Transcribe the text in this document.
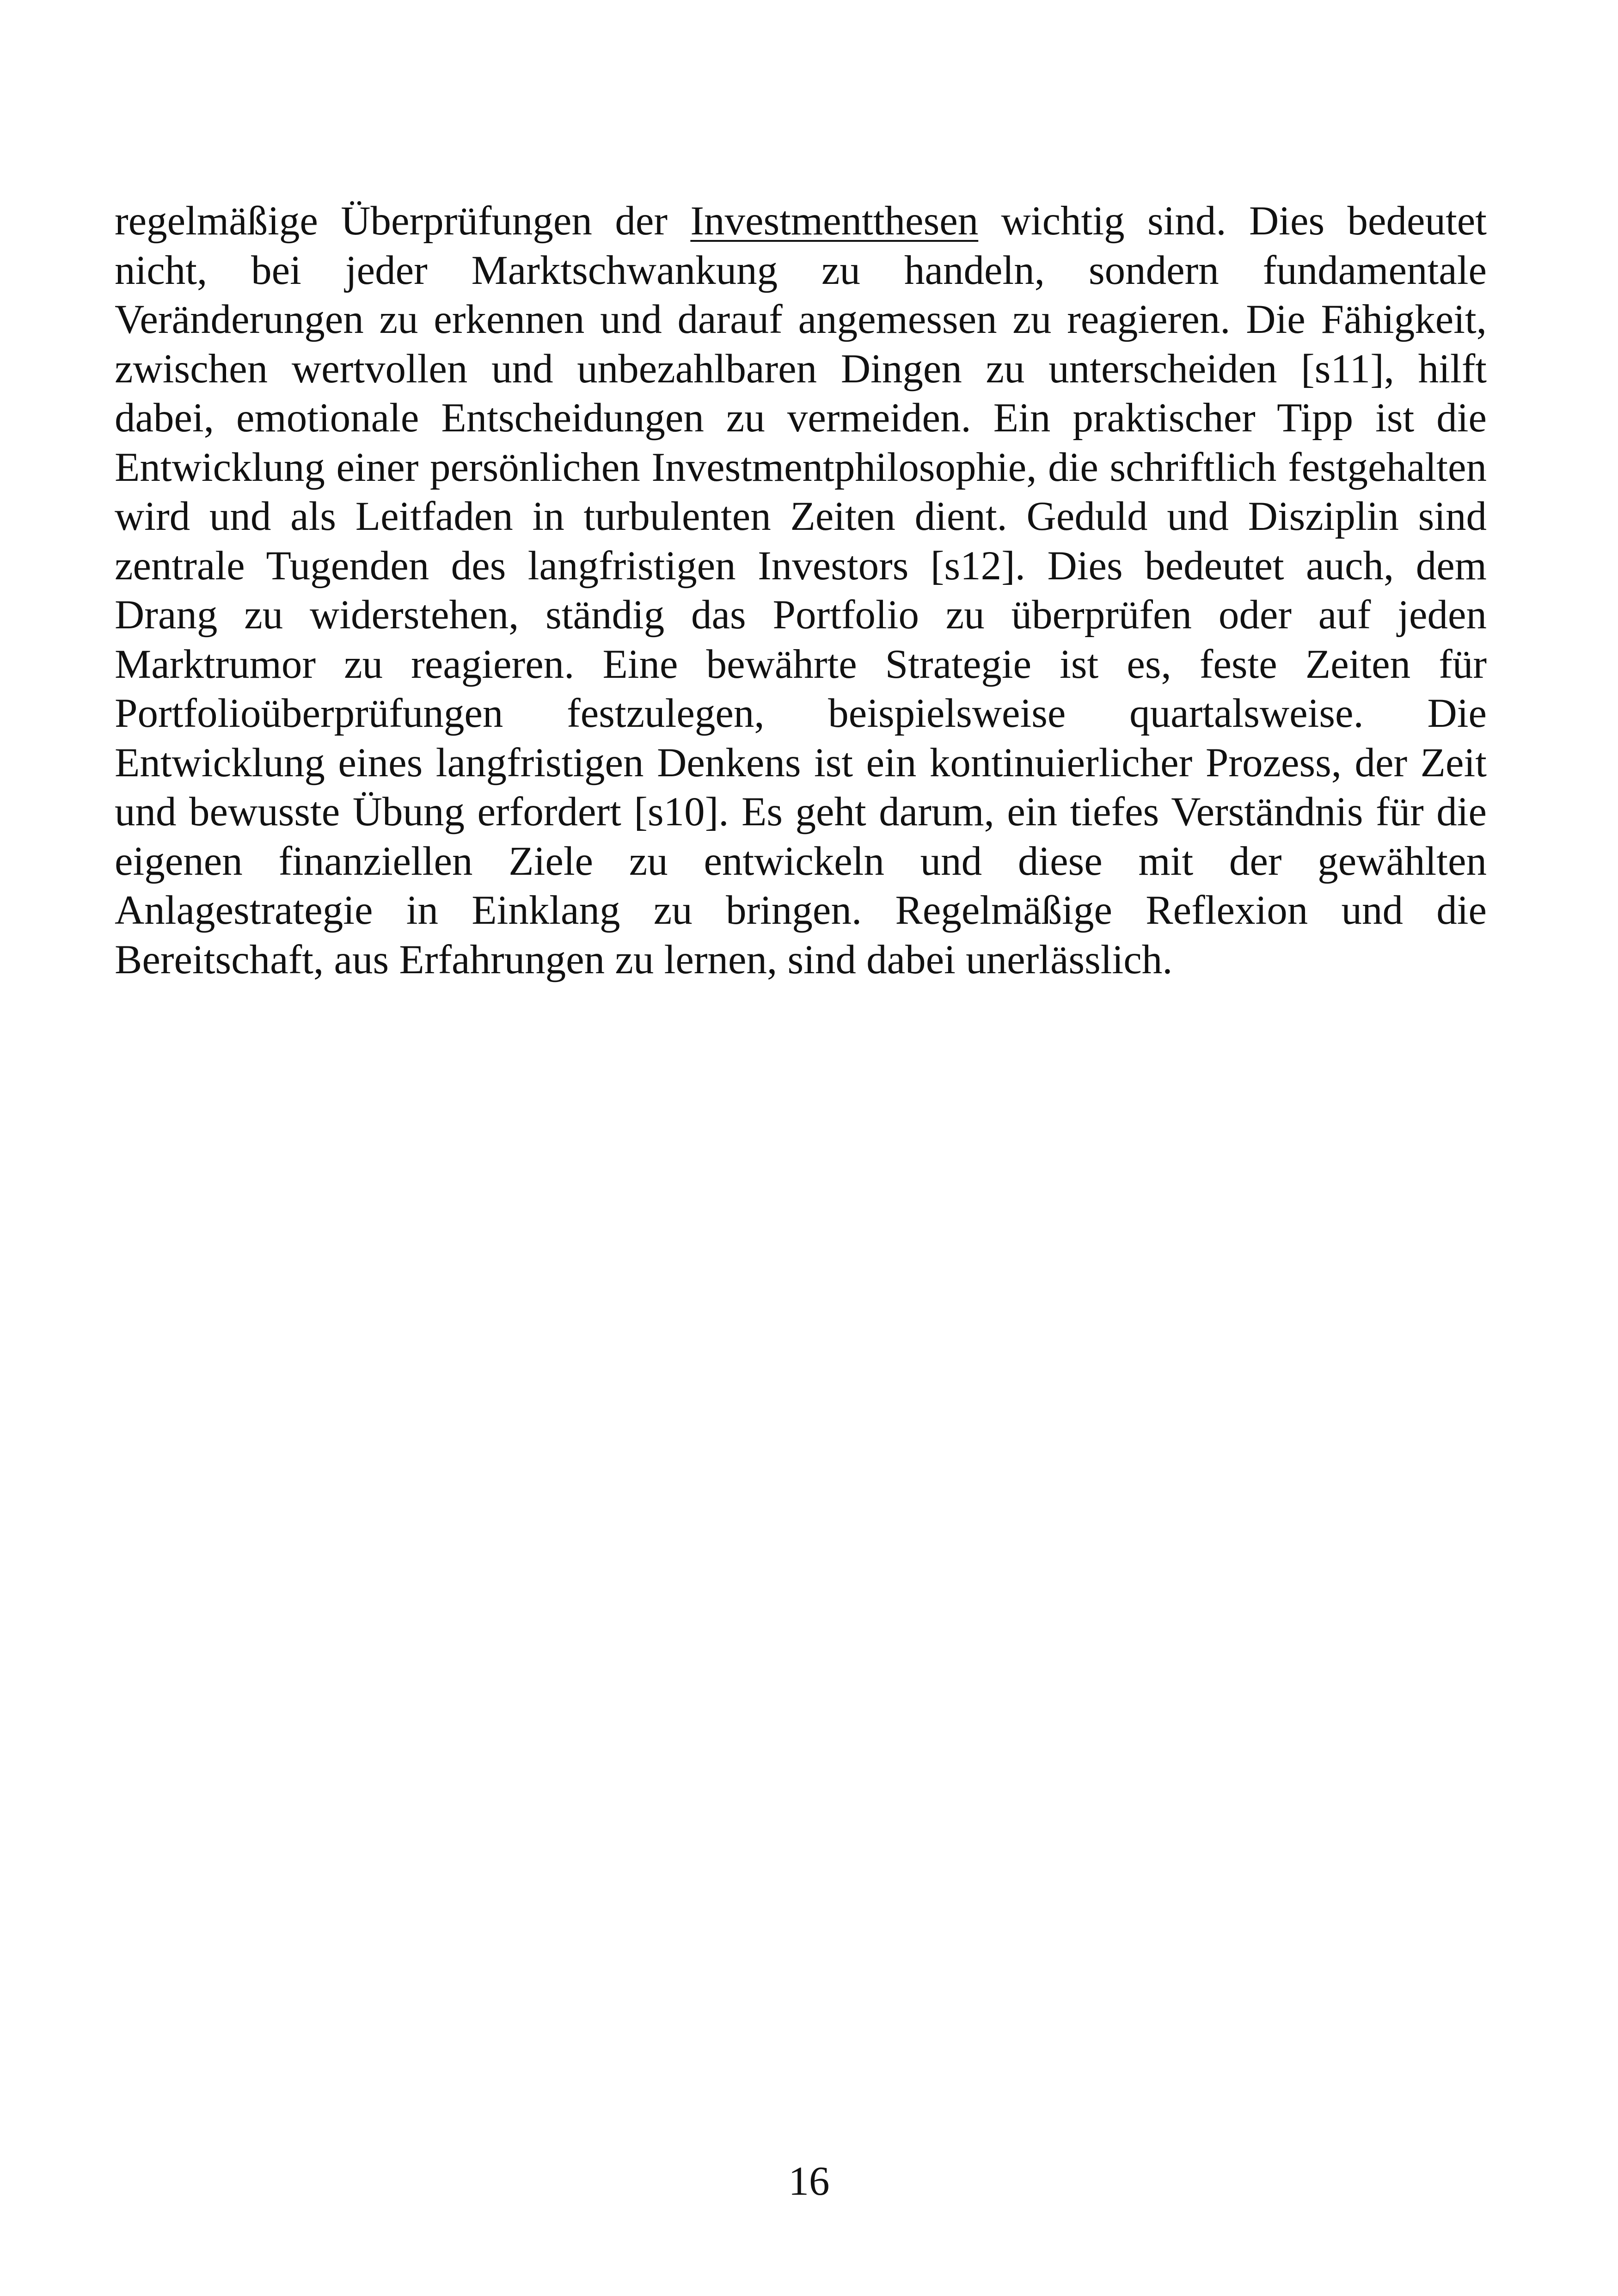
regelmäßige Überprüfungen der Investmentthesen wichtig sind. Dies bedeutet nicht, bei jeder Marktschwankung zu handeln, sondern fundamentale Veränderungen zu erkennen und darauf angemessen zu reagieren. Die Fähigkeit, zwischen wertvollen und unbezahlbaren Dingen zu unterscheiden [s11], hilft dabei, emotionale Entscheidungen zu vermeiden. Ein praktischer Tipp ist die Entwicklung einer persönlichen Investmentphilosophie, die schriftlich festgehalten wird und als Leitfaden in turbulenten Zeiten dient. Geduld und Disziplin sind zentrale Tugenden des langfristigen Investors [s12]. Dies bedeutet auch, dem Drang zu widerstehen, ständig das Portfolio zu überprüfen oder auf jeden Marktrumor zu reagieren. Eine bewährte Strategie ist es, feste Zeiten für Portfolioüberprüfungen festzulegen, beispielsweise quartalsweise. Die Entwicklung eines langfristigen Denkens ist ein kontinuierlicher Prozess, der Zeit und bewusste Übung erfordert [s10]. Es geht darum, ein tiefes Verständnis für die eigenen finanziellen Ziele zu entwickeln und diese mit der gewählten Anlagestrategie in Einklang zu bringen. Regelmäßige Reflexion und die Bereitschaft, aus Erfahrungen zu lernen, sind dabei unerlässlich.

16
